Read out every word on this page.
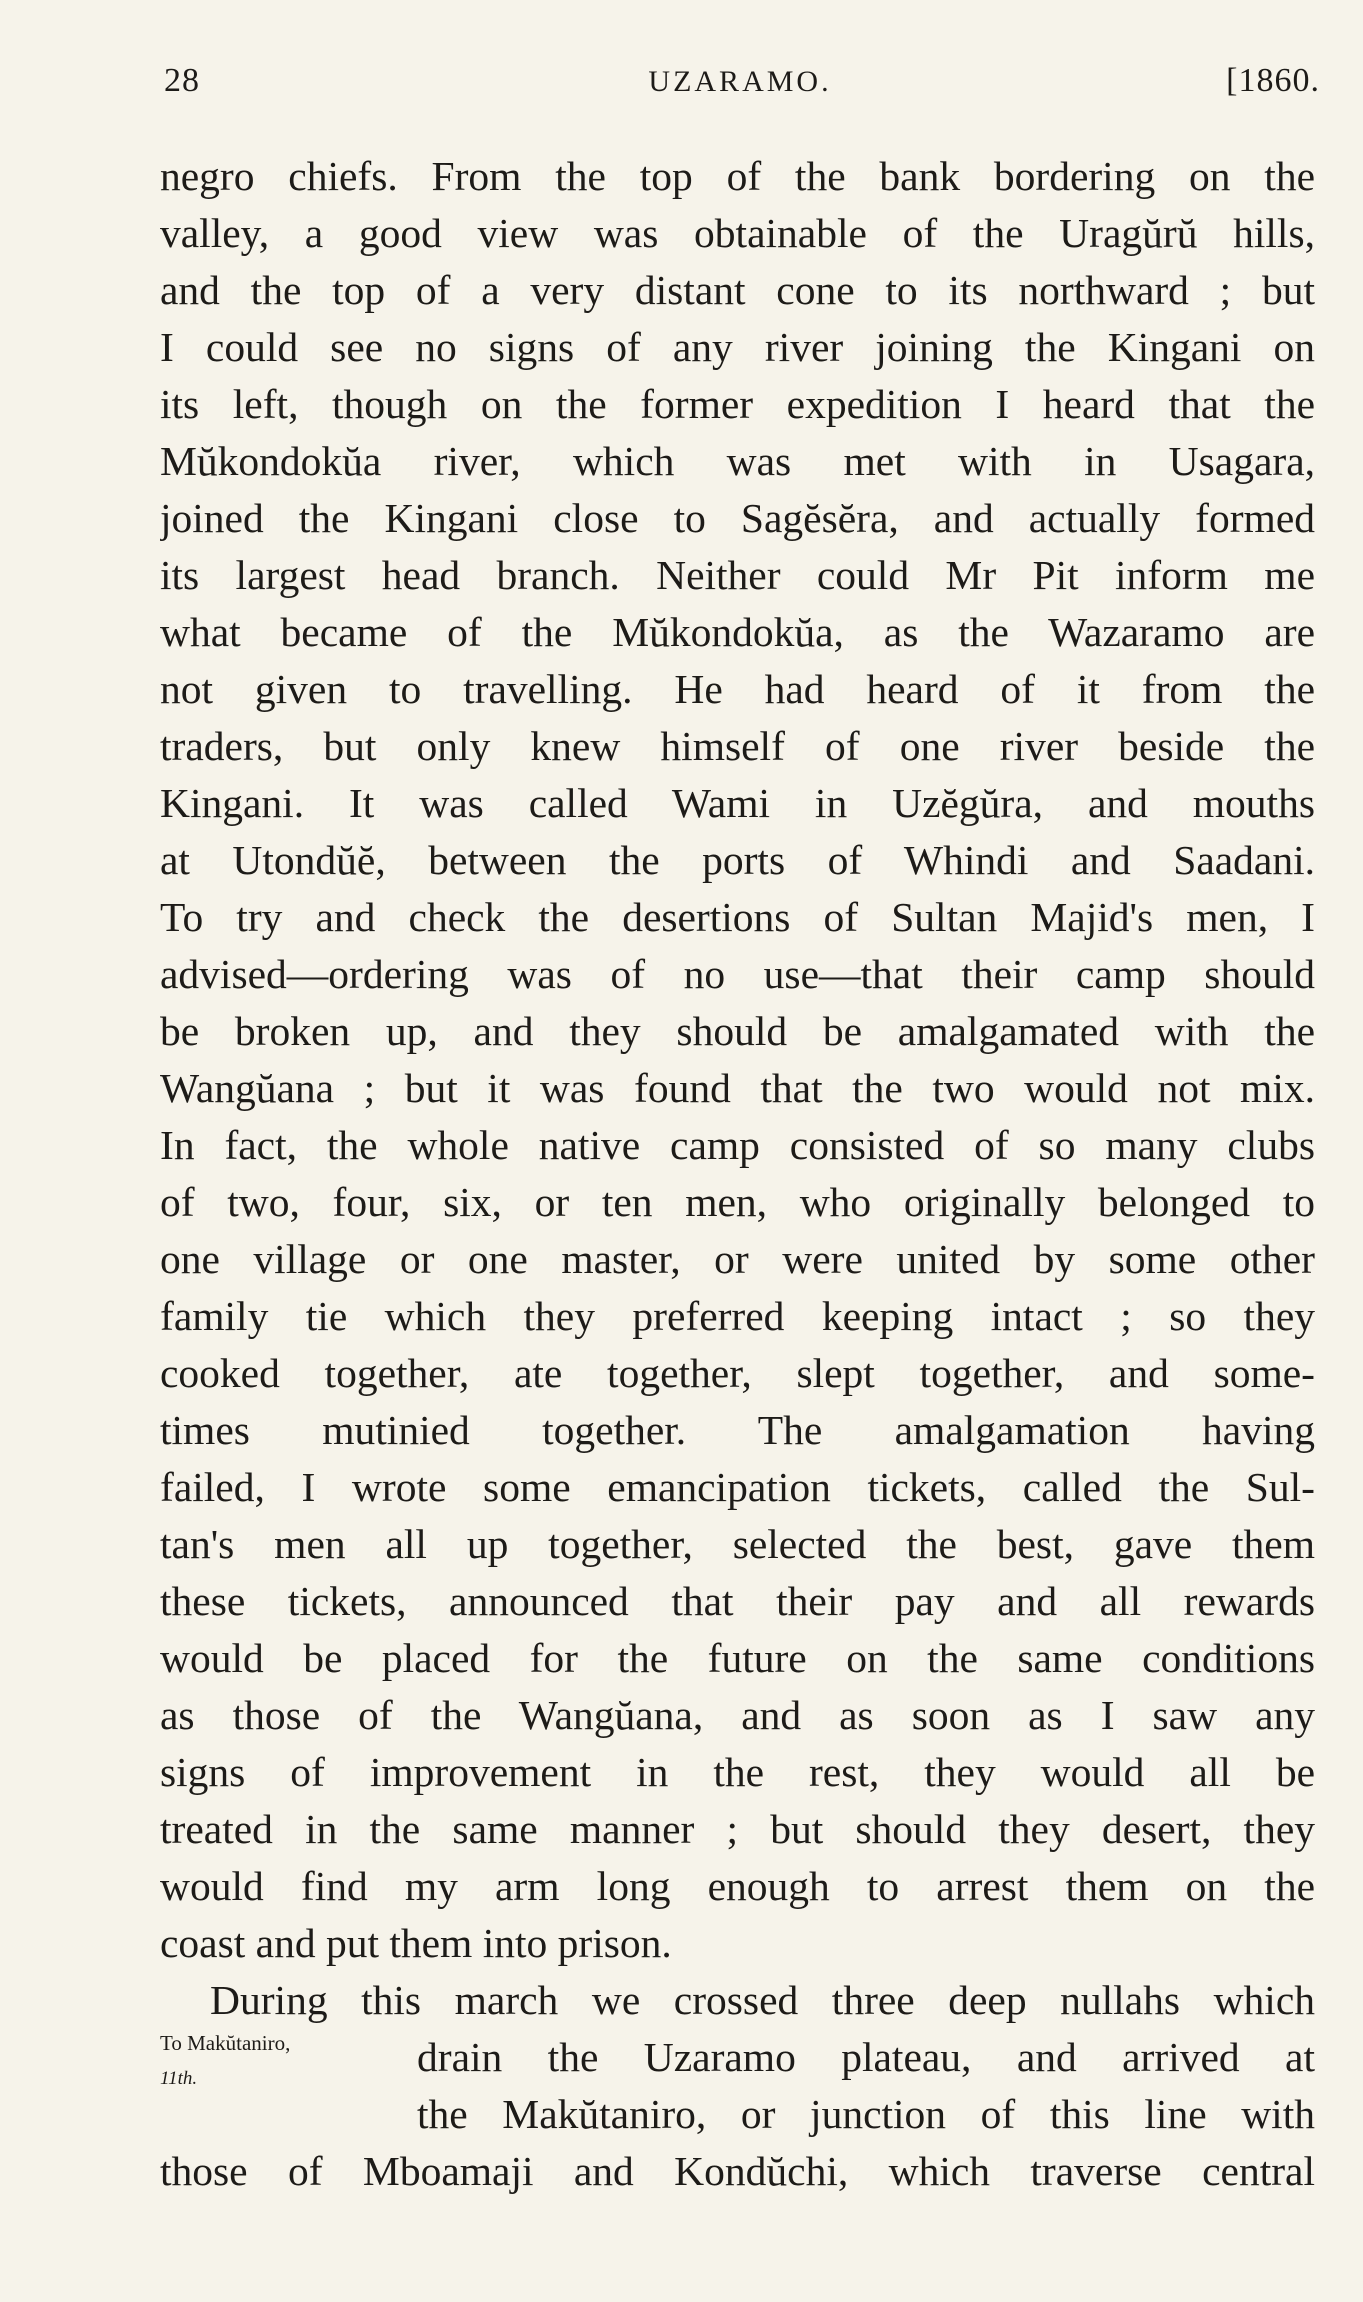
28	UZARAMO.	[1860.
negro chiefs. From the top of the bank bordering on the
valley, a good view was obtainable of the Uragŭrŭ hills,
and the top of a very distant cone to its northward ; but
I could see no signs of any river joining the Kingani on
its left, though on the former expedition I heard that the
Mŭkondokŭa river, which was met with in Usagara,
joined the Kingani close to Sagĕsĕra, and actually formed
its largest head branch. Neither could Mr Pit inform me
what became of the Mŭkondokŭa, as the Wazaramo are
not given to travelling. He had heard of it from the
traders, but only knew himself of one river beside the
Kingani. It was called Wami in Uzĕgŭra, and mouths
at Utondŭĕ, between the ports of Whindi and Saadani.
To try and check the desertions of Sultan Majid's men, I
advised—ordering was of no use—that their camp should
be broken up, and they should be amalgamated with the
Wangŭana ; but it was found that the two would not mix.
In fact, the whole native camp consisted of so many clubs
of two, four, six, or ten men, who originally belonged to
one village or one master, or were united by some other
family tie which they preferred keeping intact ; so they
cooked together, ate together, slept together, and some-
times mutinied together. The amalgamation having
failed, I wrote some emancipation tickets, called the Sul-
tan's men all up together, selected the best, gave them
these tickets, announced that their pay and all rewards
would be placed for the future on the same conditions
as those of the Wangŭana, and as soon as I saw any
signs of improvement in the rest, they would all be
treated in the same manner ; but should they desert, they
would find my arm long enough to arrest them on the
coast and put them into prison.
During this march we crossed three deep nullahs which
drain the Uzaramo plateau, and arrived at
the Makŭtaniro, or junction of this line with
those of Mboamaji and Kondŭchi, which traverse central
To Makŭtaniro,
11th.
